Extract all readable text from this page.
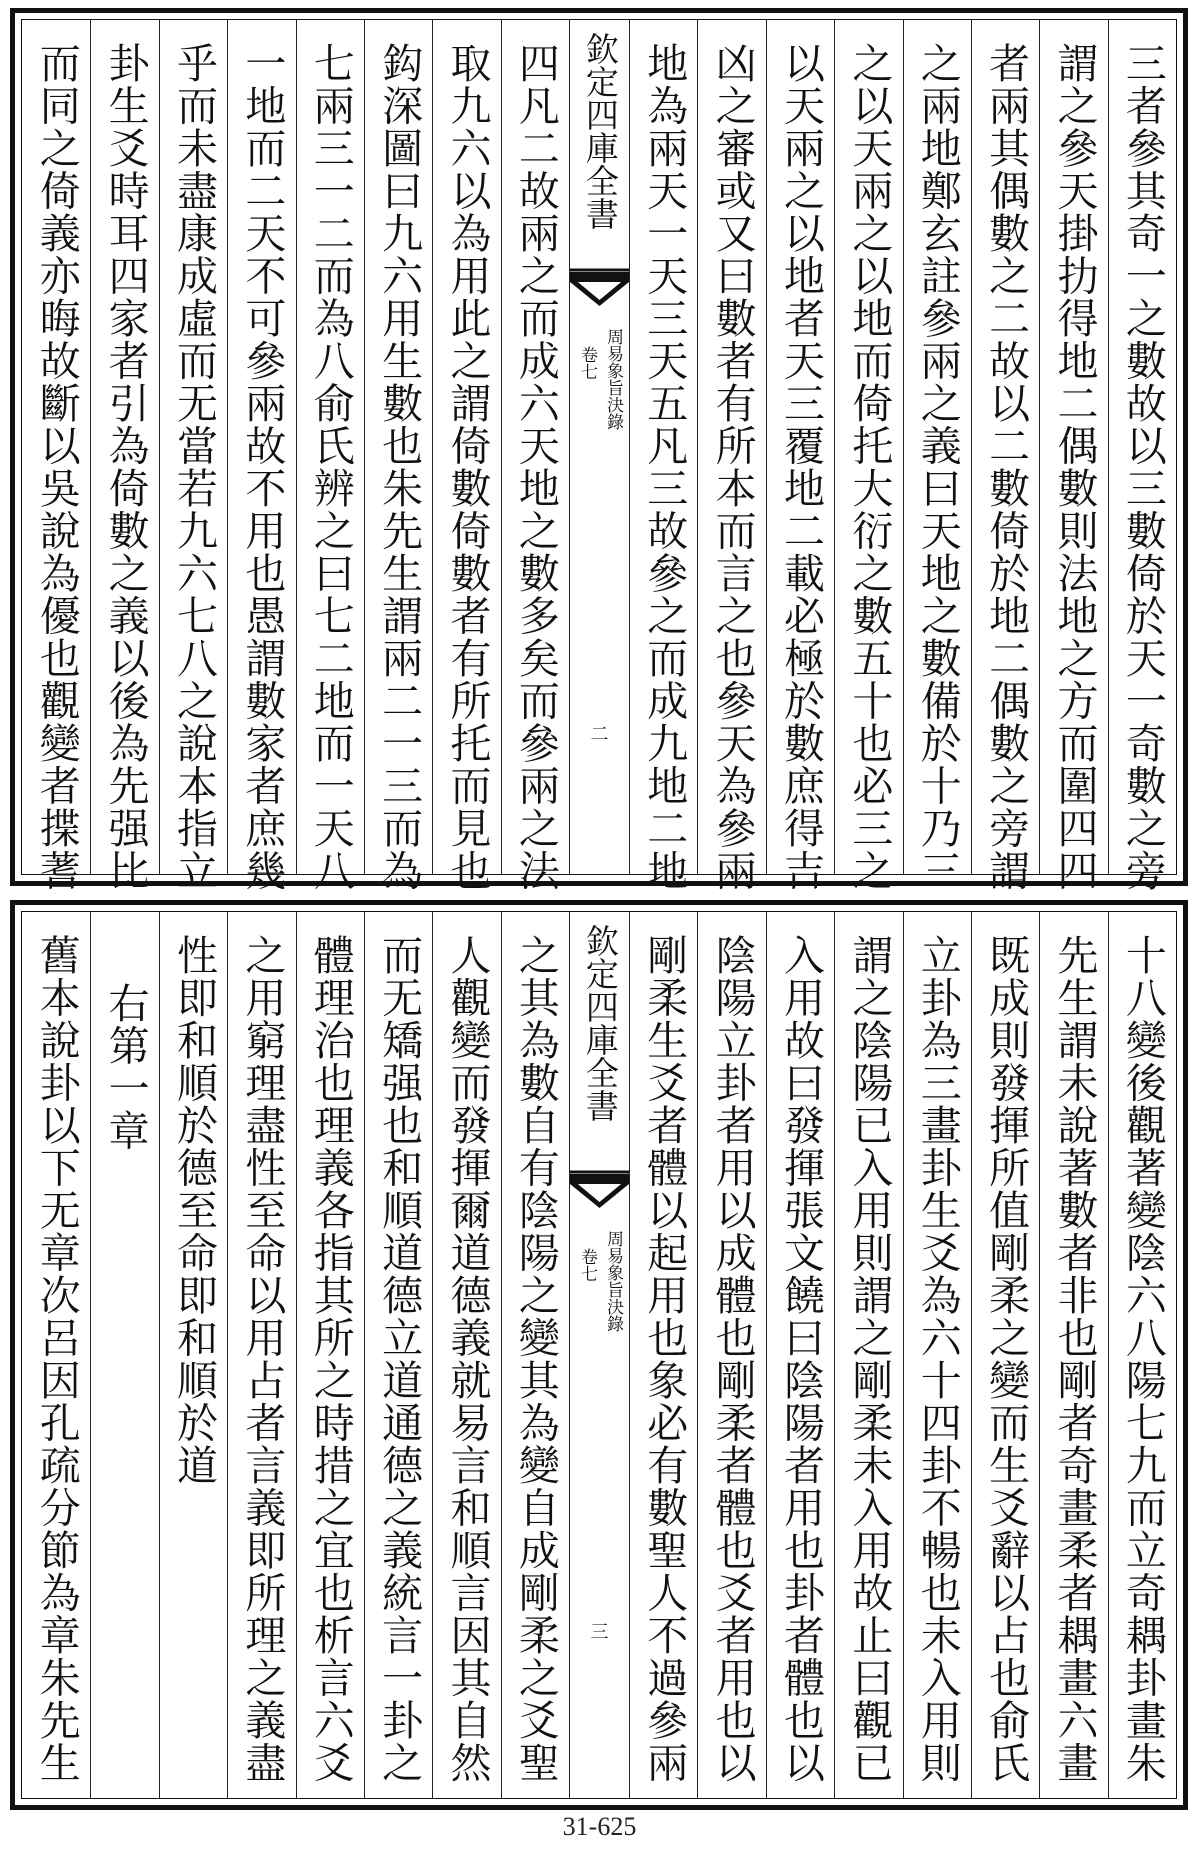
四凡二故兩之而成六天地之數多矣而參兩之法
取九六以為用此之謂倚數倚數者有所托而見也
鈎深圖曰九六用生數也朱先生謂兩二一三而為
七兩三一二而為八俞氏辨之曰七二地而一天八
一地而二天不可參兩故不用也愚謂數家者庶幾
乎而未盡康成虛而无當若九六七八之說本指立
卦生爻時耳四家者引為倚數之義以後為先强比
而同之倚義亦晦故斷以吳說為優也觀變者揲蓍	欽定四庫全書
周易象旨決錄
卷七
二	三者參其奇一之數故以三數倚於天一奇數之旁
謂之參天掛扐得地二偶數則法地之方而圍四四
者兩其偶數之二故以二數倚於地二偶數之旁謂
之兩地鄭玄註參兩之義曰天地之數備於十乃三
之以天兩之以地而倚托大衍之數五十也必三之
以天兩之以地者天三覆地二載必極於數庶得吉
凶之審或又曰數者有所本而言之也參天為參兩
地為兩天一天三天五凡三故參之而成九地二地
之其為數自有陰陽之變其為變自成剛柔之爻聖
人觀變而發揮爾道德義就易言和順言因其自然
而无矯强也和順道德立道通德之義統言一卦之
體理治也理義各指其所之時措之宜也析言六爻
之用窮理盡性至命以用占者言義即所理之義盡
性即和順於德至命即和順於道
右第一章
舊本說卦以下无章次呂因孔疏分節為章朱先生	欽定四庫全書
周易象旨決錄
卷七
三	十八變後觀著變陰六八陽七九而立奇耦卦畫朱
先生謂未說著數者非也剛者奇畫柔者耦畫六畫
既成則發揮所值剛柔之變而生爻辭以占也俞氏
立卦為三畫卦生爻為六十四卦不暢也未入用則
謂之陰陽已入用則謂之剛柔未入用故止曰觀已
入用故曰發揮張文饒曰陰陽者用也卦者體也以
陰陽立卦者用以成體也剛柔者體也爻者用也以
剛柔生爻者體以起用也象必有數聖人不過參兩
31-625
